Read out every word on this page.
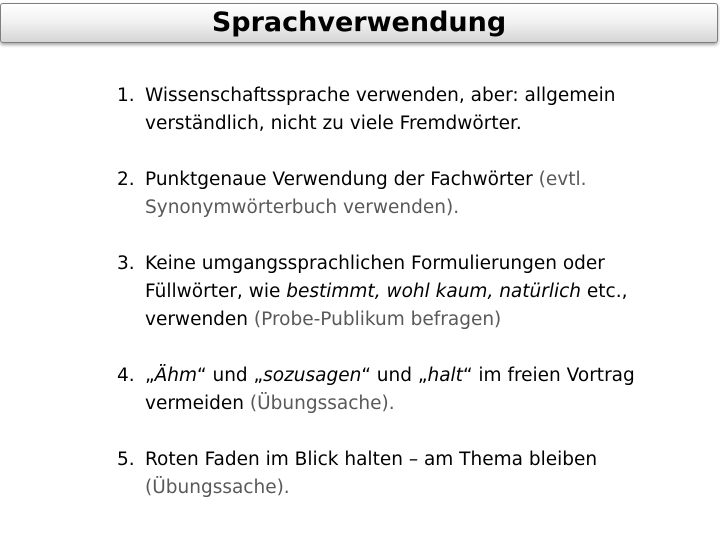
Sprachverwendung
1. Wissenschaftssprache verwenden, aber: allgemein
verständlich, nicht zu viele Fremdwörter.
2. Punktgenaue Verwendung der Fachwörter (evtl.
Synonymwörterbuch verwenden).
3. Keine umgangssprachlichen Formulierungen oder
Füllwörter, wie bestimmt, wohl kaum, natürlich etc.,
verwenden (Probe-Publikum befragen)
4. „Ähm“ und „sozusagen“ und „halt“ im freien Vortrag
vermeiden (Übungssache).
5. Roten Faden im Blick halten – am Thema bleiben
(Übungssache).
